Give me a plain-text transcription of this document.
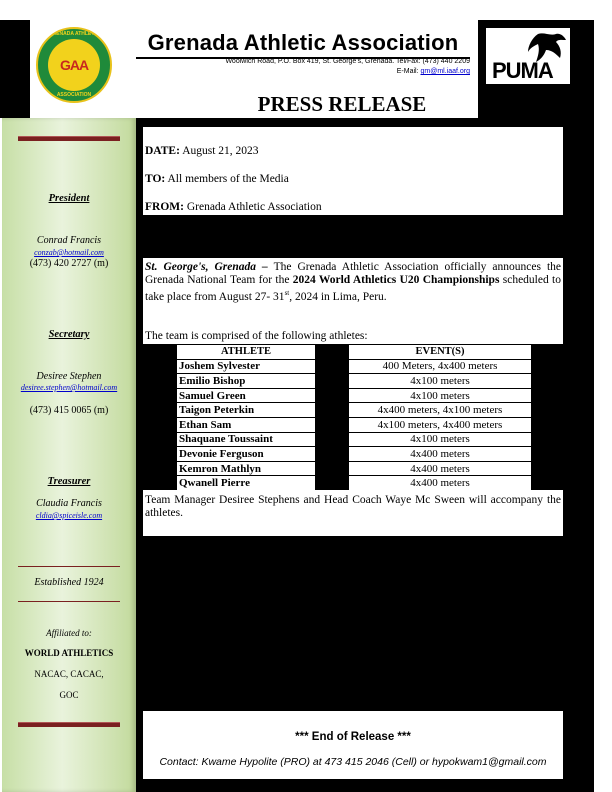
GRENADA ATHLETIC
GAA
ASSOCIATION
Grenada Athletic Association
Woolwich Road, P.O. Box 419, St. George's, Grenada. Tel/Fax: (473) 440 2209
E-Mail: gm@ml.iaaf.org PUMA
PRESS RELEASE
President
Conrad Francis
conzab@hotmail.com
(473) 420 2727 (m)
Secretary
Desiree Stephen
desiree.stephen@hotmail.com
(473) 415 0065 (m)
Treasurer
Claudia Francis
cldia@spiceisle.com
Established 1924
Affiliated to:
WORLD ATHLETICS
NACAC, CACAC,
GOC
DATE: August 21, 2023
TO: All members of the Media
FROM: Grenada Athletic Association
St. George's, Grenada – The Grenada Athletic Association officially announces the Grenada National Team for the 2024 World Athletics U20 Championships scheduled to take place from August 27- 31st, 2024 in Lima, Peru.
The team is comprised of the following athletes:
ATHLETE		EVENT(S)
Joshem Sylvester		400 Meters, 4x400 meters
Emilio Bishop		4x100 meters
Samuel Green		4x100 meters
Taigon Peterkin		4x400 meters, 4x100 meters
Ethan Sam		4x100 meters, 4x400 meters
Shaquane Toussaint		4x100 meters
Devonie Ferguson		4x400 meters
Kemron Mathlyn		4x400 meters
Qwanell Pierre		4x400 meters
Team Manager Desiree Stephens and Head Coach Waye Mc Sween will accompany the athletes.
*** End of Release ***
Contact: Kwame Hypolite (PRO) at 473 415 2046 (Cell) or hypokwam1@gmail.com
